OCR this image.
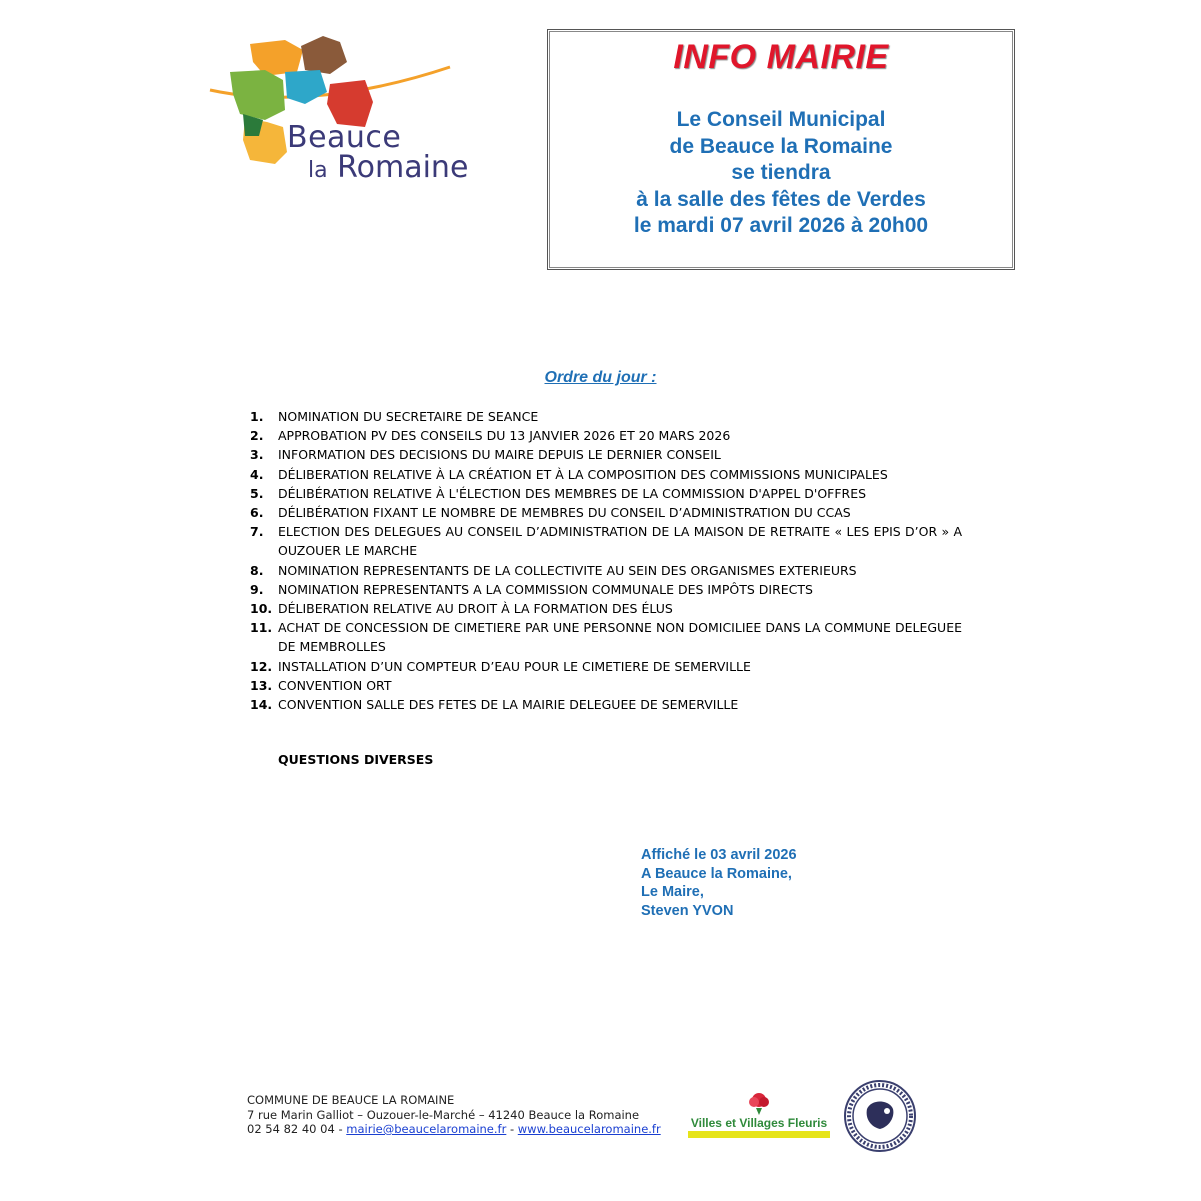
Beauce
la Romaine
INFO MAIRIE
Le Conseil Municipal
de Beauce la Romaine
se tiendra
à la salle des fêtes de Verdes
le mardi 07 avril 2026 à 20h00
Ordre du jour :
1. NOMINATION DU SECRETAIRE DE SEANCE
2. APPROBATION PV DES CONSEILS DU 13 JANVIER 2026 ET 20 MARS 2026
3. INFORMATION DES DECISIONS DU MAIRE DEPUIS LE DERNIER CONSEIL
4. DÉLIBERATION RELATIVE À LA CRÉATION ET À LA COMPOSITION DES COMMISSIONS MUNICIPALES
5. DÉLIBÉRATION RELATIVE À L'ÉLECTION DES MEMBRES DE LA COMMISSION D'APPEL D'OFFRES
6. DÉLIBÉRATION FIXANT LE NOMBRE DE MEMBRES DU CONSEIL D’ADMINISTRATION DU CCAS
7. ELECTION DES DELEGUES AU CONSEIL D’ADMINISTRATION DE LA MAISON DE RETRAITE « LES EPIS D’OR » A OUZOUER LE MARCHE
8. NOMINATION REPRESENTANTS DE LA COLLECTIVITE AU SEIN DES ORGANISMES EXTERIEURS
9. NOMINATION REPRESENTANTS A LA COMMISSION COMMUNALE DES IMPÔTS DIRECTS
10. DÉLIBERATION RELATIVE AU DROIT À LA FORMATION DES ÉLUS
11. ACHAT DE CONCESSION DE CIMETIERE PAR UNE PERSONNE NON DOMICILIEE DANS LA COMMUNE DELEGUEE DE MEMBROLLES
12. INSTALLATION D’UN COMPTEUR D’EAU POUR LE CIMETIERE DE SEMERVILLE
13. CONVENTION ORT
14. CONVENTION SALLE DES FETES DE LA MAIRIE DELEGUEE DE SEMERVILLE
QUESTIONS DIVERSES
Affiché le 03 avril 2026
A Beauce la Romaine,
Le Maire,
Steven YVON
COMMUNE DE BEAUCE LA ROMAINE
7 rue Marin Galliot – Ouzouer-le-Marché – 41240 Beauce la Romaine
02 54 82 40 04 - mairie@beaucelaromaine.fr - www.beaucelaromaine.fr	Villes et Villages Fleuris
